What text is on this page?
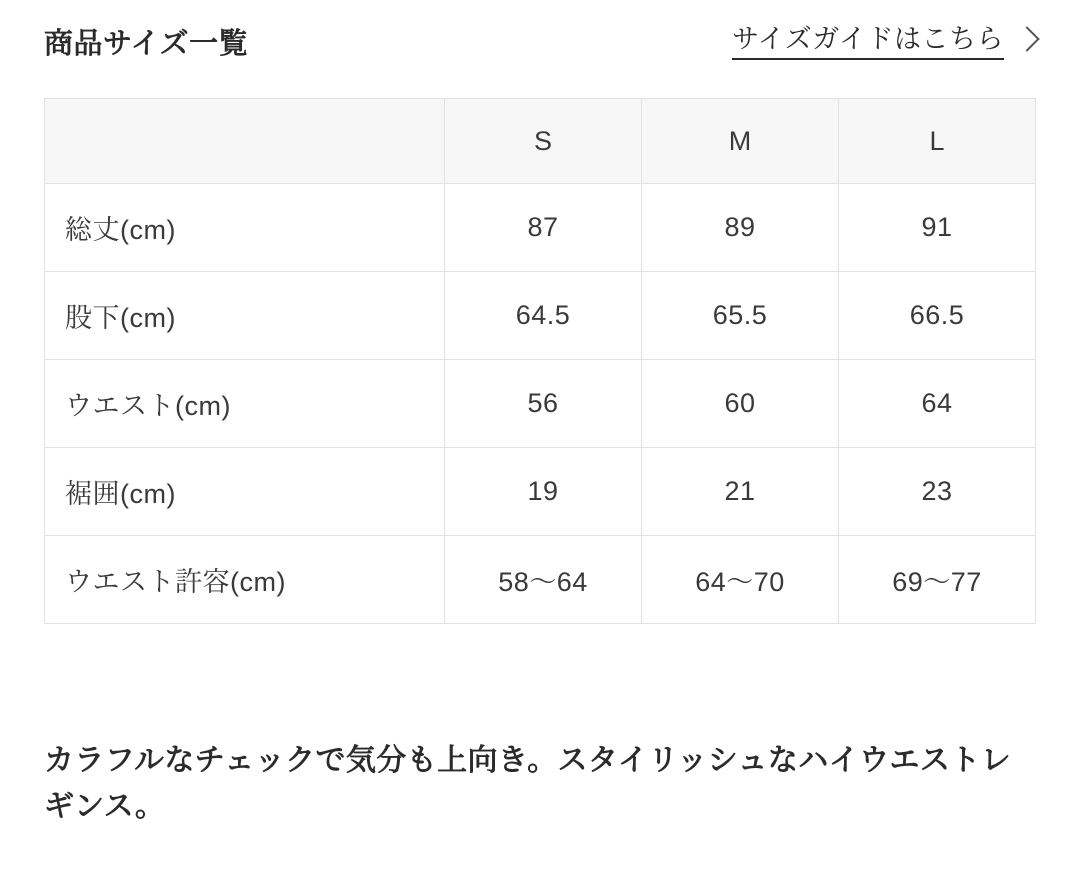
商品サイズ一覧	サイズガイドはこちら
	S	M	L
総丈(cm)	87	89	91
股下(cm)	64.5	65.5	66.5
ウエスト(cm)	56	60	64
裾囲(cm)	19	21	23
ウエスト許容(cm)	58〜64	64〜70	69〜77
カラフルなチェックで気分も上向き。スタイリッシュなハイウエストレギンス。
